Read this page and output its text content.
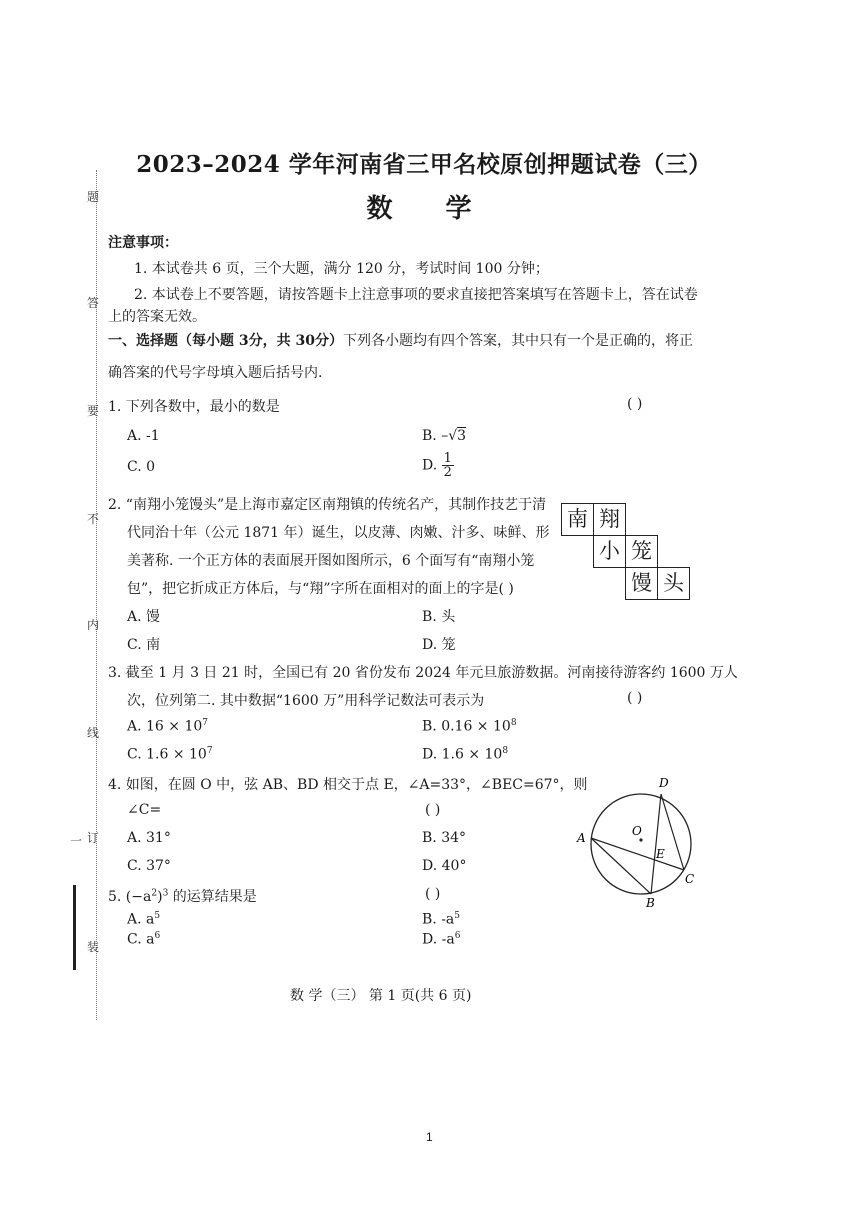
题
答
要
不
内
线
订
装
一
2023–2024 学年河南省三甲名校原创押题试卷（三）
数 学
注意事项：
1. 本试卷共 6 页，三个大题，满分 120 分，考试时间 100 分钟；
2. 本试卷上不要答题，请按答题卡上注意事项的要求直接把答案填写在答题卡上，答在试卷
上的答案无效。
一、选择题（每小题 3分，共 30分）下列各小题均有四个答案，其中只有一个是正确的，将正
确答案的代号字母填入题后括号内.
1. 下列各数中，最小的数是	( )
A. -1	B. –√3
C. 0	D. $\frac{1}{2}$
2. “南翔小笼馒头”是上海市嘉定区南翔镇的传统名产，其制作技艺于清
代同治十年（公元 1871 年）诞生，以皮薄、肉嫩、汁多、味鲜、形
美著称. 一个正方体的表面展开图如图所示，6 个面写有“南翔小笼
包”，把它折成正方体后，与“翔”字所在面相对的面上的字是( )
A. 馒	B. 头
C. 南	D. 笼
南 翔
小 笼
馒 头
3. 截至 1 月 3 日 21 时，全国已有 20 省份发布 2024 年元旦旅游数据。河南接待游客约 1600 万人
次，位列第二. 其中数据“1600 万”用科学记数法可表示为	( )
A. $16 \times 10^7$	B. $0.16 \times 10^8$
C. $1.6 \times 10^7$	D. $1.6 \times 10^8$
4. 如图，在圆 O 中，弦 AB、BD 相交于点 E，∠A=33°，∠BEC=67°，则
∠C=	( )
A. 31°	B. 34°
C. 37°	D. 40°
O
A
B
C
D
E
5. $(-a^2)^3$ 的运算结果是	( )
A. $a^5$	B. $-a^5$
C. $a^6$	D. $-a^6$
数 学（三） 第 1 页(共 6 页)
1
